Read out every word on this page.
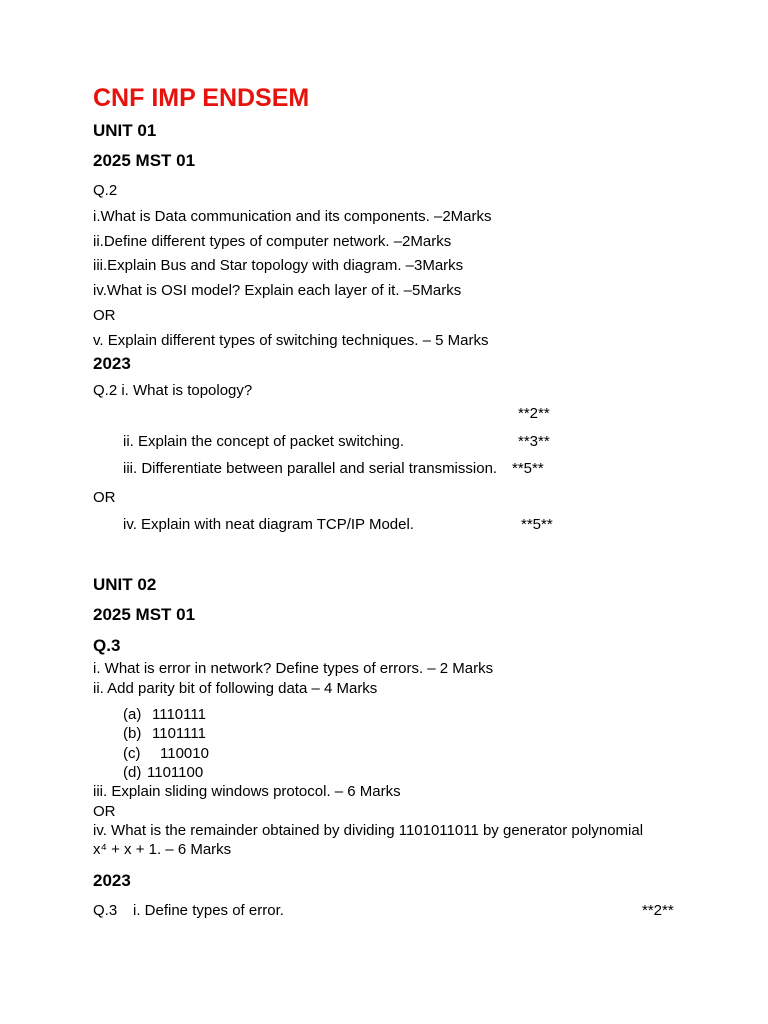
CNF IMP ENDSEM
UNIT 01
2025 MST 01
Q.2
i.What is Data communication and its components. –2Marks
ii.Define different types of computer network. –2Marks
iii.Explain Bus and Star topology with diagram. –3Marks
iv.What is OSI model? Explain each layer of it. –5Marks
OR
v. Explain different types of switching techniques. – 5 Marks
2023
Q.2 i. What is topology?
**2**
ii. Explain the concept of packet switching.	**3**
iii. Differentiate between parallel and serial transmission. **5**
OR
iv. Explain with neat diagram TCP/IP Model.	**5**
UNIT 02
2025 MST 01
Q.3
i. What is error in network? Define types of errors. – 2 Marks
ii. Add parity bit of following data – 4 Marks
(a) 1110111
(b) 1101111
(c) 110010
(d) 1101100
iii. Explain sliding windows protocol. – 6 Marks
OR
iv. What is the remainder obtained by dividing 1101011011 by generator polynomial
x⁴ + x + 1. – 6 Marks
2023
Q.3 i. Define types of error.	**2**
